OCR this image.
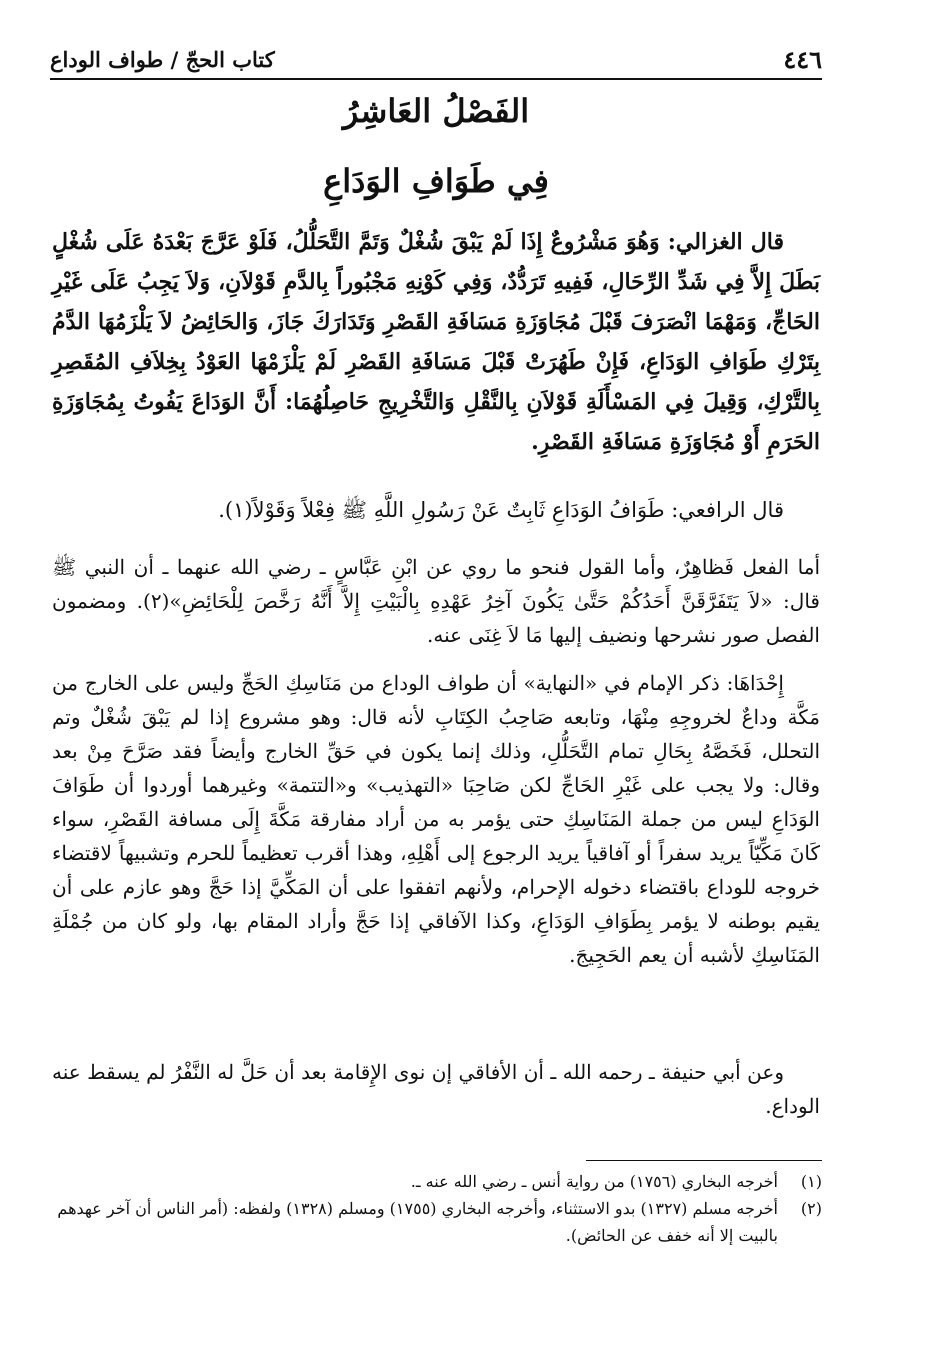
كتاب الحجّ / طواف الوداع	٤٤٦
الفَصْلُ العَاشِرُ
فِي طَوَافِ الوَدَاعِ
قال الغزالي: وَهُوَ مَشْرُوعٌ إِذَا لَمْ يَبْقَ شُغْلٌ وَتَمَّ التَّحَلُّلُ، فَلَوْ عَرَّجَ بَعْدَهُ عَلَى شُغْلٍ بَطَلَ إِلاَّ فِي شَدِّ الرِّحَالِ، فَفِيهِ تَرَدُّدٌ، وَفِي كَوْنِهِ مَجْبُوراً بِالدَّمِ قَوْلاَنِ، وَلاَ يَجِبُ عَلَى غَيْرِ الحَاجِّ، وَمَهْمَا انْصَرَفَ قَبْلَ مُجَاوَزَةِ مَسَافَةِ القَصْرِ وَتَدَارَكَ جَازَ، وَالحَائِضُ لاَ يَلْزَمُهَا الدَّمُ بِتَرْكِ طَوَافِ الوَدَاعِ، فَإِنْ طَهُرَتْ قَبْلَ مَسَافَةِ القَصْرِ لَمْ يَلْزَمْهَا العَوْدُ بِخِلاَفِ المُقَصِرِ بِالتَّرْكِ، وَقِيلَ فِي المَسْأَلَةِ قَوْلاَنِ بِالنَّقْلِ وَالتَّخْرِيجِ حَاصِلُهُمَا: أَنَّ الوَدَاعَ يَفُوتُ بِمُجَاوَزَةِ الحَرَمِ أَوْ مُجَاوَزَةِ مَسَافَةِ القَصْرِ.
قال الرافعي: طَوَافُ الوَدَاعِ ثَابِتٌ عَنْ رَسُولِ اللَّهِ ﷺ فِعْلاً وَقَوْلاً(١).
أما الفعل فَظاهِرٌ، وأما القول فنحو ما روي عن ابْنِ عَبَّاسٍ ـ رضي الله عنهما ـ أن النبي ﷺ قال: «لاَ يَتَفَرَّقَنَّ أَحَدُكُمْ حَتَّىٰ يَكُونَ آخِرُ عَهْدِهِ بِالْبَيْتِ إِلاَّ أَنَّهُ رَخَّصَ لِلْحَائِضِ»(٢). ومضمون الفصل صور نشرحها ونضيف إليها مَا لاَ غِنَى عنه.
إِحْدَاهَا: ذكر الإمام في «النهاية» أن طواف الوداع من مَنَاسِكِ الحَجِّ وليس على الخارج من مَكَّة وداعٌ لخروجِهِ مِنْهَا، وتابعه صَاحِبُ الكِتَابِ لأنه قال: وهو مشروع إذا لم يَبْقَ شُغْلٌ وتم التحلل، فَخَصَّهُ بِحَالِ تمام التَّحَلُّلِ، وذلك إنما يكون في حَقِّ الخارج وأيضاً فقد صَرَّحَ مِنْ بعد وقال: ولا يجب على غَيْرِ الحَاجِّ لكن صَاحِبَا «التهذيب» و«التتمة» وغيرهما أوردوا أن طَوَافَ الوَدَاعِ ليس من جملة المَنَاسِكِ حتى يؤمر به من أراد مفارقة مَكَّةَ إِلَى مسافة القَصْرِ، سواء كَانَ مَكِّيّاً يريد سفراً أو آفاقياً يريد الرجوع إلى أَهْلِهِ، وهذا أقرب تعظيماً للحرم وتشبيهاً لاقتضاء خروجه للوداع باقتضاء دخوله الإحرام، ولأنهم اتفقوا على أن المَكِّيَّ إذا حَجَّ وهو عازم على أن يقيم بوطنه لا يؤمر بِطَوَافِ الوَدَاعِ، وكذا الآفاقي إذا حَجَّ وأراد المقام بها، ولو كان من جُمْلَةِ المَنَاسِكِ لأشبه أن يعم الحَجِيجَ.
وعن أبي حنيفة ـ رحمه الله ـ أن الأفاقي إن نوى الإِقامة بعد أن حَلَّ له النَّفْرُ لم يسقط عنه الوداع.
(١)
أخرجه البخاري (١٧٥٦) من رواية أنس ـ رضي الله عنه ـ.
(٢)
أخرجه مسلم (١٣٢٧) بدو الاستثناء، وأخرجه البخاري (١٧٥٥) ومسلم (١٣٢٨) ولفظه: (أمر الناس أن آخر عهدهم بالبيت إلا أنه خفف عن الحائض).
